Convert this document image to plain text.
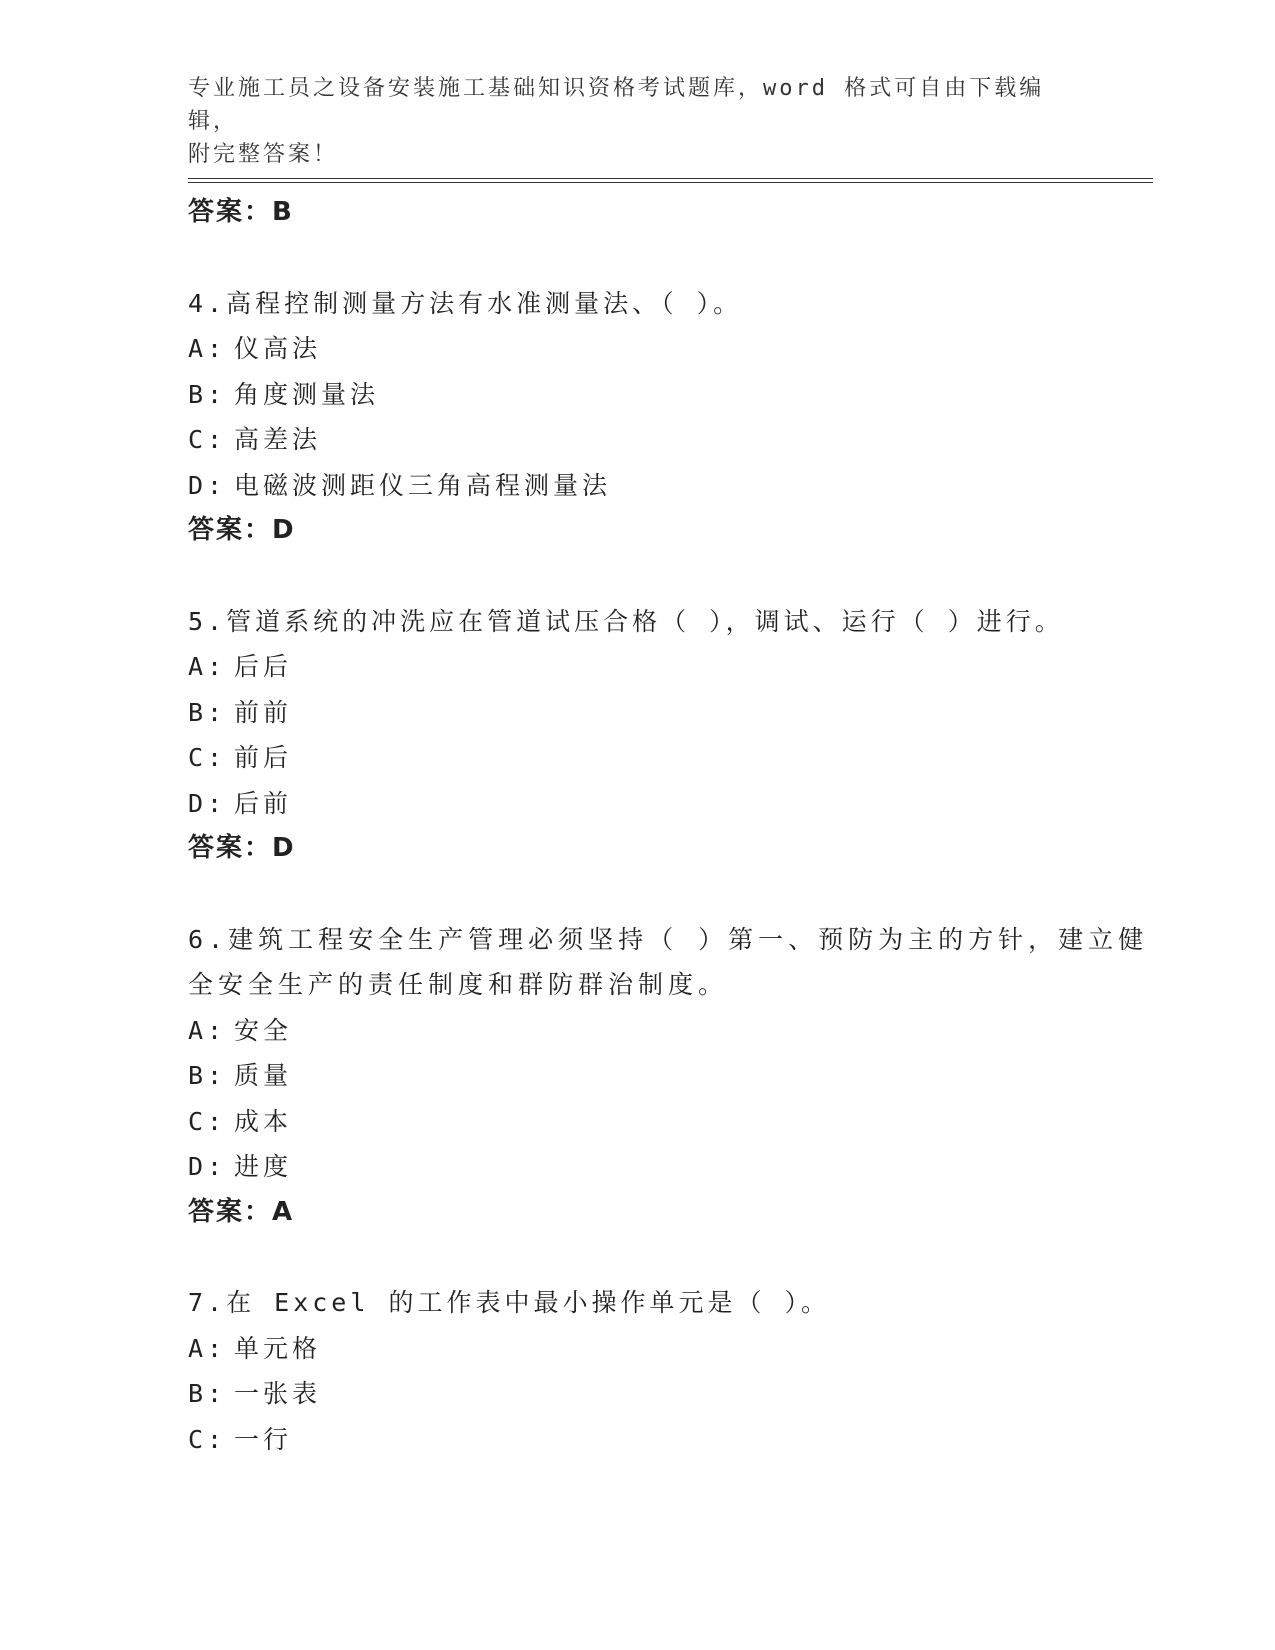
专业施工员之设备安装施工基础知识资格考试题库，word 格式可自由下载编辑，
附完整答案！
答案：B
4.高程控制测量方法有水准测量法、（ ）。
A: 仪高法
B: 角度测量法
C: 高差法
D: 电磁波测距仪三角高程测量法
答案：D
5.管道系统的冲洗应在管道试压合格（ ），调试、运行（ ）进行。
A: 后后
B: 前前
C: 前后
D: 后前
答案：D
6.建筑工程安全生产管理必须坚持（ ）第一、预防为主的方针，建立健全安全生产的责任制度和群防群治制度。
A: 安全
B: 质量
C: 成本
D: 进度
答案：A
7.在 Excel 的工作表中最小操作单元是（ ）。
A: 单元格
B: 一张表
C: 一行
